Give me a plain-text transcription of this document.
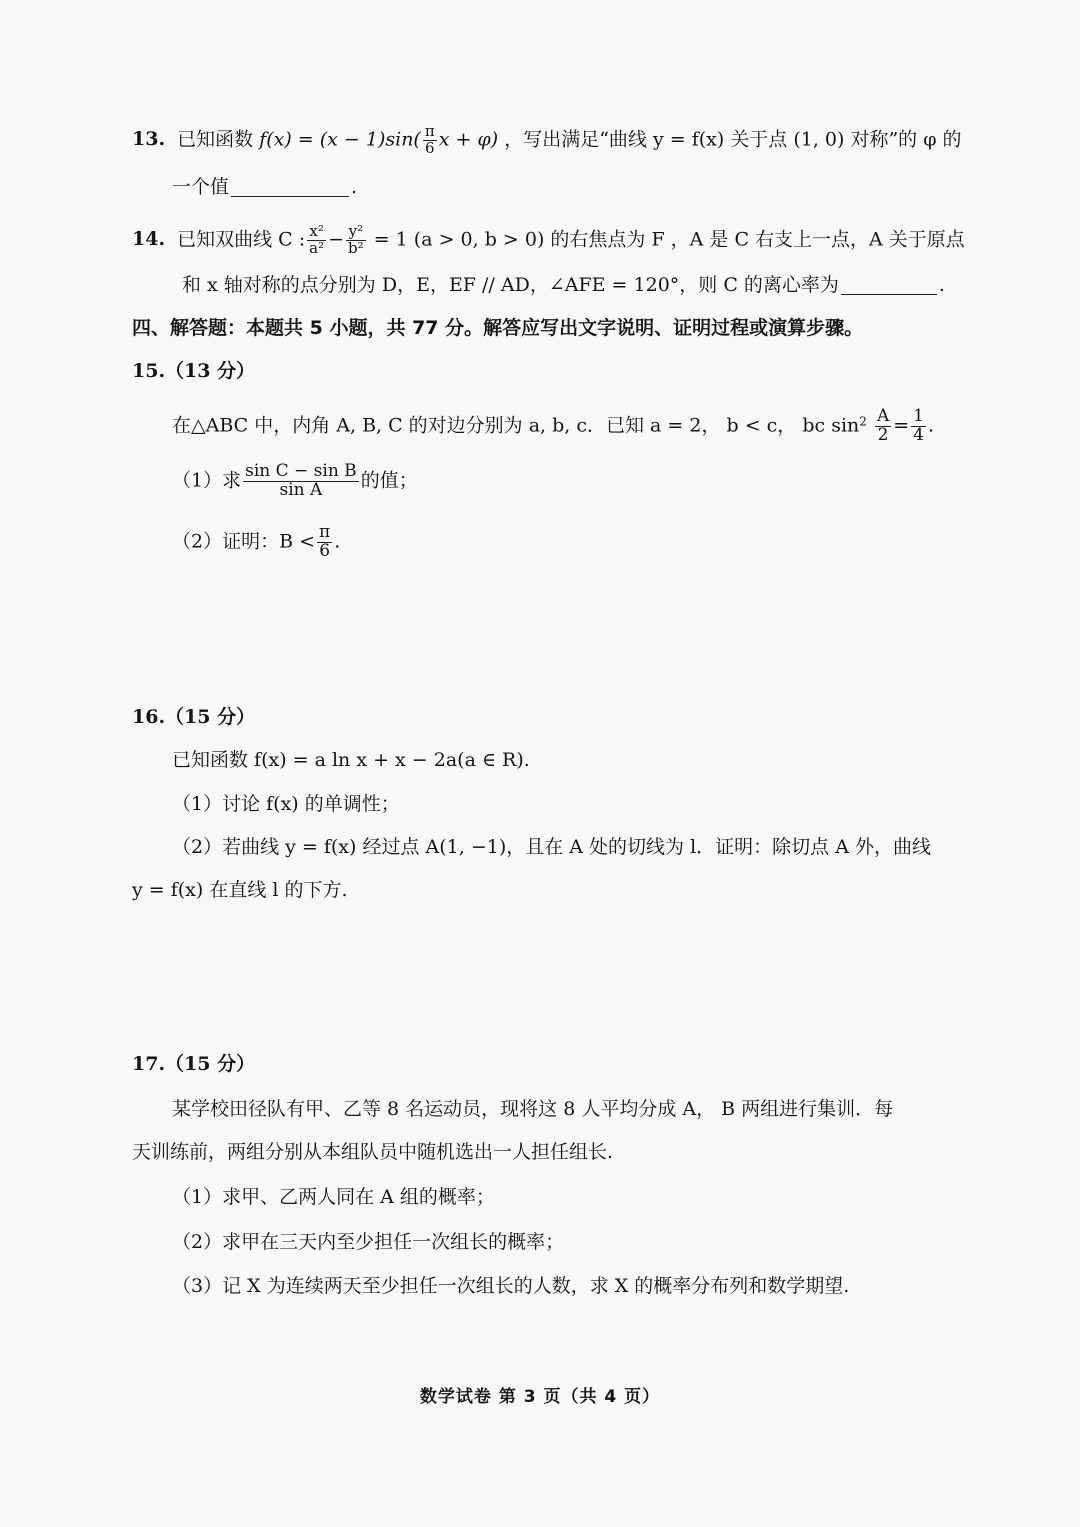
13. 已知函数 $f(x) = (x - 1)\sin( \frac{\pi}{6}$ x + φ) ，写出满足“曲线 y = f(x) 关于点 (1, 0) 对称”的 φ 的
一个值	.
14. 已知双曲线 C : $\frac{\text{x²}}{\text{a²}} - \frac{\text{y²}}{\text{b²}} = 1$ (a > 0, b > 0) 的右焦点为 F ，A 是 C 右支上一点，A 关于原点
和 x 轴对称的点分别为 D，E，EF // AD，∠AFE = 120°，则 C 的离心率为	.
四、解答题：本题共 5 小题，共 77 分。解答应写出文字说明、证明过程或演算步骤。
15.（13 分）
在△ABC 中，内角 A, B, C 的对边分别为 a, b, c．已知 a = 2， b < c， bc $\sin^2 \frac{A}{2} = \frac{1}{4}$ .
（1）求 $\frac{\text{sin C − sin B}}{\text{sin A}}$ 的值；
（2）证明：$B < \frac{\pi}{6}$ .
16.（15 分）
已知函数 f(x) = a ln x + x − 2a(a ∈ R).
（1）讨论 f(x) 的单调性；
（2）若曲线 y = f(x) 经过点 A(1, −1)，且在 A 处的切线为 l．证明：除切点 A 外，曲线
y = f(x) 在直线 l 的下方.
17.（15 分）
某学校田径队有甲、乙等 8 名运动员，现将这 8 人平均分成 A， B 两组进行集训．每
天训练前，两组分别从本组队员中随机选出一人担任组长.
（1）求甲、乙两人同在 A 组的概率；
（2）求甲在三天内至少担任一次组长的概率；
（3）记 X 为连续两天至少担任一次组长的人数，求 X 的概率分布列和数学期望.
数学试卷 第 3 页（共 4 页）
